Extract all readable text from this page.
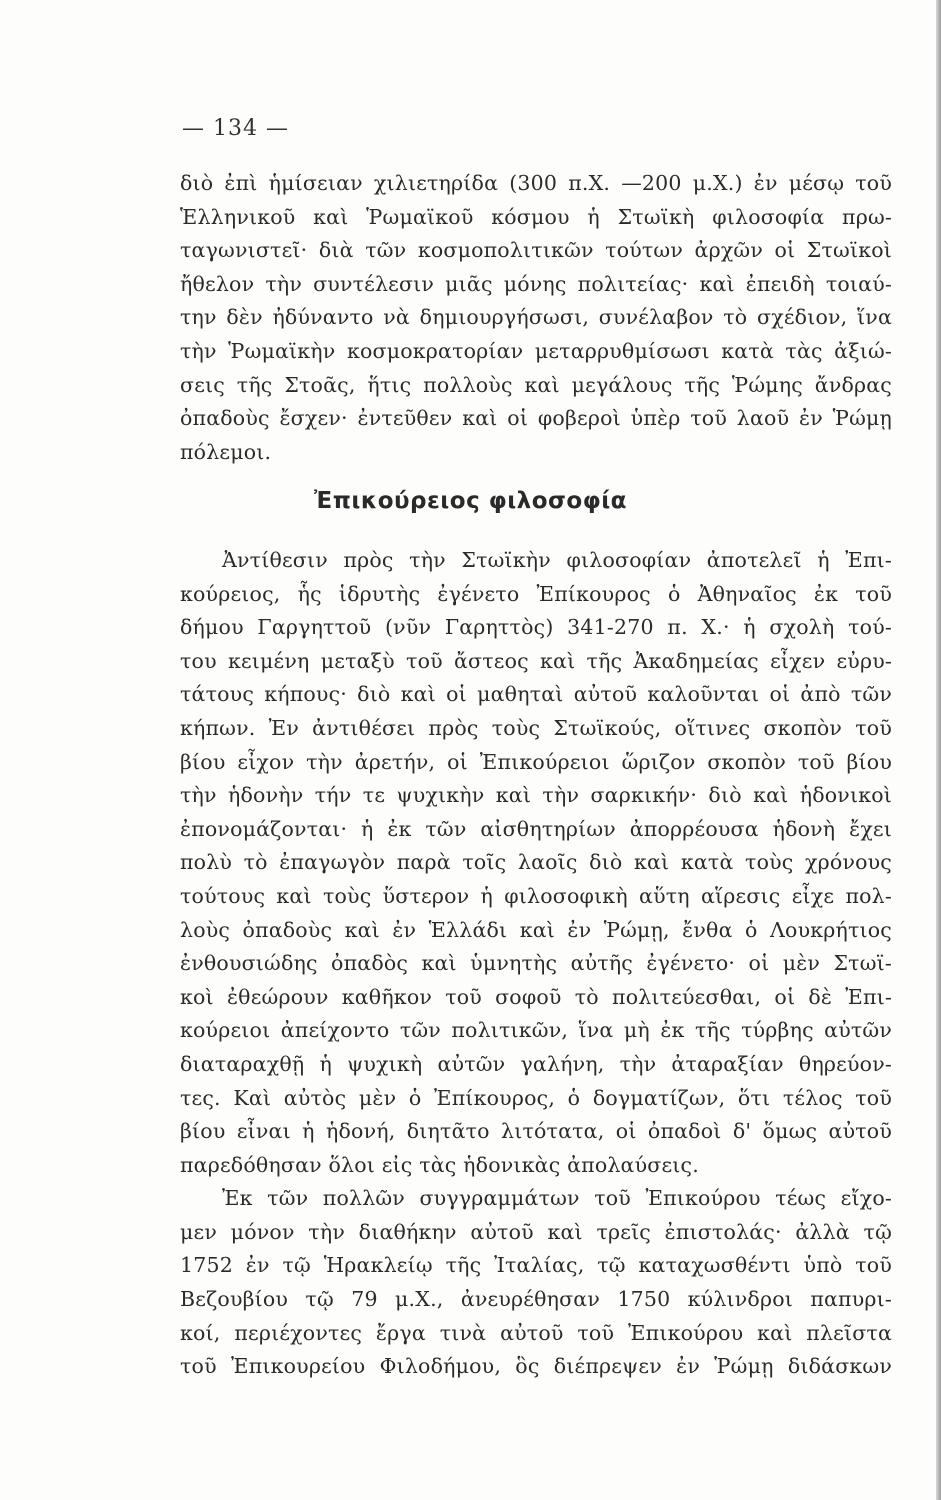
— 134 —
διὸ ἐπὶ ἡμίσειαν χιλιετηρίδα (300 π.Χ. —200 μ.Χ.) ἐν μέσῳ τοῦ
Ἑλληνικοῦ καὶ Ῥωμαϊκοῦ κόσμου ἡ Στωϊκὴ φιλοσοφία πρω-
ταγωνιστεῖ· διὰ τῶν κοσμοπολιτικῶν τούτων ἀρχῶν οἱ Στωϊκοὶ
ἤθελον τὴν συντέλεσιν μιᾶς μόνης πολιτείας· καὶ ἐπειδὴ τοιαύ-
την δὲν ἠδύναντο νὰ δημιουργήσωσι, συνέλαβον τὸ σχέδιον, ἵνα
τὴν Ῥωμαϊκὴν κοσμοκρατορίαν μεταρρυθμίσωσι κατὰ τὰς ἀξιώ-
σεις τῆς Στοᾶς, ἥτις πολλοὺς καὶ μεγάλους τῆς Ῥώμης ἄνδρας
ὀπαδοὺς ἔσχεν· ἐντεῦθεν καὶ οἱ φοβεροὶ ὑπὲρ τοῦ λαοῦ ἐν Ῥώμῃ
πόλεμοι.
Ἐπικούρειος φιλοσοφία
Ἀντίθεσιν πρὸς τὴν Στωϊκὴν φιλοσοφίαν ἀποτελεῖ ἡ Ἐπι-
κούρειος, ἧς ἱδρυτὴς ἐγένετο Ἐπίκουρος ὁ Ἀθηναῖος ἐκ τοῦ
δήμου Γαργηττοῦ (νῦν Γαρηττὸς) 341-270 π. Χ.· ἡ σχολὴ τού-
του κειμένη μεταξὺ τοῦ ἄστεος καὶ τῆς Ἀκαδημείας εἶχεν εὐρυ-
τάτους κήπους· διὸ καὶ οἱ μαθηταὶ αὐτοῦ καλοῦνται οἱ ἀπὸ τῶν
κήπων. Ἐν ἀντιθέσει πρὸς τοὺς Στωϊκούς, οἵτινες σκοπὸν τοῦ
βίου εἶχον τὴν ἀρετήν, οἱ Ἐπικούρειοι ὥριζον σκοπὸν τοῦ βίου
τὴν ἡδονὴν τήν τε ψυχικὴν καὶ τὴν σαρκικήν· διὸ καὶ ἡδονικοὶ
ἐπονομάζονται· ἡ ἐκ τῶν αἰσθητηρίων ἀπορρέουσα ἡδονὴ ἔχει
πολὺ τὸ ἐπαγωγὸν παρὰ τοῖς λαοῖς διὸ καὶ κατὰ τοὺς χρόνους
τούτους καὶ τοὺς ὕστερον ἡ φιλοσοφικὴ αὕτη αἵρεσις εἶχε πολ-
λοὺς ὀπαδοὺς καὶ ἐν Ἑλλάδι καὶ ἐν Ῥώμῃ, ἔνθα ὁ Λουκρήτιος
ἐνθουσιώδης ὀπαδὸς καὶ ὑμνητὴς αὐτῆς ἐγένετο· οἱ μὲν Στωϊ-
κοὶ ἐθεώρουν καθῆκον τοῦ σοφοῦ τὸ πολιτεύεσθαι, οἱ δὲ Ἐπι-
κούρειοι ἀπείχοντο τῶν πολιτικῶν, ἵνα μὴ ἐκ τῆς τύρβης αὐτῶν
διαταραχθῇ ἡ ψυχικὴ αὐτῶν γαλήνη, τὴν ἀταραξίαν θηρεύον-
τες. Καὶ αὐτὸς μὲν ὁ Ἐπίκουρος, ὁ δογματίζων, ὅτι τέλος τοῦ
βίου εἶναι ἡ ἡδονή, διητᾶτο λιτότατα, οἱ ὀπαδοὶ δ' ὅμως αὐτοῦ
παρεδόθησαν ὅλοι εἰς τὰς ἡδονικὰς ἀπολαύσεις.
Ἐκ τῶν πολλῶν συγγραμμάτων τοῦ Ἐπικούρου τέως εἴχο-
μεν μόνον τὴν διαθήκην αὐτοῦ καὶ τρεῖς ἐπιστολάς· ἀλλὰ τῷ
1752 ἐν τῷ Ἡρακλείῳ τῆς Ἰταλίας, τῷ καταχωσθέντι ὑπὸ τοῦ
Βεζουβίου τῷ 79 μ.Χ., ἀνευρέθησαν 1750 κύλινδροι παπυρι-
κοί, περιέχοντες ἔργα τινὰ αὐτοῦ τοῦ Ἐπικούρου καὶ πλεῖστα
τοῦ Ἐπικουρείου Φιλοδήμου, ὃς διέπρεψεν ἐν Ῥώμῃ διδάσκων
